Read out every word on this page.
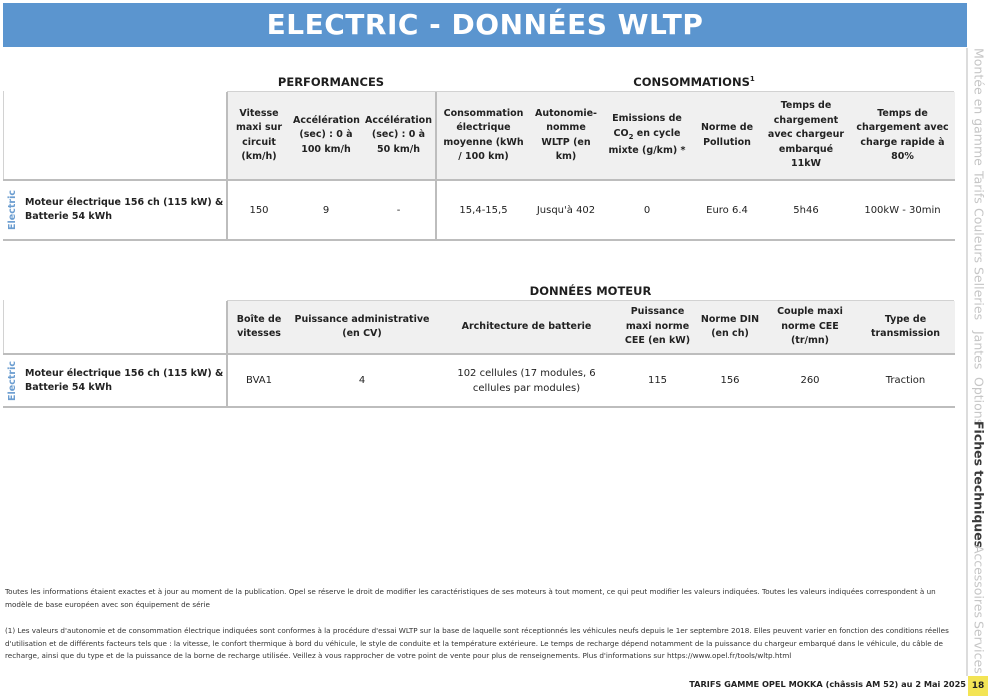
ELECTRIC - DONNÉES WLTP
Montée en gamme
Tarifs
Couleurs
Selleries
Jantes
Options
Fiches techniques
Accessoires
Services
PERFORMANCES	CONSOMMATIONS$^1$
	Vitesse maxi sur circuit (km/h)	Accélération (sec) : 0 à 100 km/h	Accélération (sec) : 0 à 50 km/h	Consommation électrique moyenne (kWh / 100 km)	Autonomie-nomme WLTP (en km)	Emissions de $CO_2$ en cycle mixte (g/km) *	Norme de Pollution	Temps de chargement avec chargeur embarqué 11kW	Temps de chargement avec charge rapide à 80%

Electric Moteur électrique 156 ch (115 kW) & Batterie 54 kWh	150	9	-	15,4-15,5	Jusqu'à 402	0	Euro 6.4	5h46	100kW - 30min
DONNÉES MOTEUR
	Boîte de vitesses	Puissance administrative (en CV)	Architecture de batterie	Puissance maxi norme CEE (en kW)	Norme DIN (en ch)	Couple maxi norme CEE (tr/mn)	Type de transmission

Electric Moteur électrique 156 ch (115 kW) & Batterie 54 kWh	BVA1	4	102 cellules (17 modules, 6 cellules par modules)	115	156	260	Traction

Toutes les informations étaient exactes et à jour au moment de la publication. Opel se réserve le droit de modifier les caractéristiques de ses moteurs à tout moment, ce qui peut modifier les valeurs indiquées. Toutes les valeurs indiquées correspondent à un modèle de base européen avec son équipement de série

(1) Les valeurs d'autonomie et de consommation électrique indiquées sont conformes à la procédure d'essai WLTP sur la base de laquelle sont réceptionnés les véhicules neufs depuis le 1er septembre 2018. Elles peuvent varier en fonction des conditions réelles d'utilisation et de différents facteurs tels que : la vitesse, le confort thermique à bord du véhicule, le style de conduite et la température extérieure. Le temps de recharge dépend notamment de la puissance du chargeur embarqué dans le véhicule, du câble de recharge, ainsi que du type et de la puissance de la borne de recharge utilisée. Veillez à vous rapprocher de votre point de vente pour plus de renseignements. Plus d'informations sur https://www.opel.fr/tools/wltp.html

TARIFS GAMME OPEL MOKKA (châssis AM 52) au 2 Mai 2025 18
